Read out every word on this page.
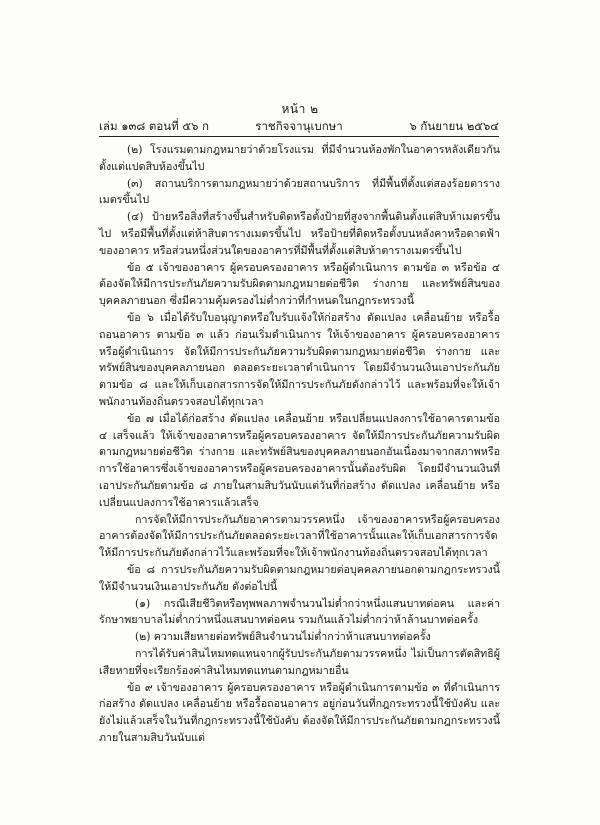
หน้า ๒
เล่ม ๑๓๘ ตอนที่ ๕๖ ก	ราชกิจจานุเบกษา	๖ กันยายน ๒๕๖๔

(๒) โรงแรมตามกฎหมายว่าด้วยโรงแรม ที่มีจำนวนห้องพักในอาคารหลังเดียวกันตั้งแต่แปดสิบห้องขึ้นไป

(๓) สถานบริการตามกฎหมายว่าด้วยสถานบริการ ที่มีพื้นที่ตั้งแต่สองร้อยตารางเมตรขึ้นไป

(๔) ป้ายหรือสิ่งที่สร้างขึ้นสำหรับติดหรือตั้งป้ายที่สูงจากพื้นดินตั้งแต่สิบห้าเมตรขึ้นไป หรือมีพื้นที่ตั้งแต่ห้าสิบตารางเมตรขึ้นไป หรือป้ายที่ติดหรือตั้งบนหลังคาหรือดาดฟ้าของอาคาร หรือส่วนหนึ่งส่วนใดของอาคารที่มีพื้นที่ตั้งแต่สิบห้าตารางเมตรขึ้นไป

ข้อ ๕ เจ้าของอาคาร ผู้ครอบครองอาคาร หรือผู้ดำเนินการ ตามข้อ ๓ หรือข้อ ๔ ต้องจัดให้มีการประกันภัยความรับผิดตามกฎหมายต่อชีวิต ร่างกาย และทรัพย์สินของบุคคลภายนอก ซึ่งมีความคุ้มครองไม่ต่ำกว่าที่กำหนดในกฎกระทรวงนี้

ข้อ ๖ เมื่อได้รับใบอนุญาตหรือใบรับแจ้งให้ก่อสร้าง ดัดแปลง เคลื่อนย้าย หรือรื้อถอนอาคาร ตามข้อ ๓ แล้ว ก่อนเริ่มดำเนินการ ให้เจ้าของอาคาร ผู้ครอบครองอาคาร หรือผู้ดำเนินการ จัดให้มีการประกันภัยความรับผิดตามกฎหมายต่อชีวิต ร่างกาย และทรัพย์สินของบุคคลภายนอก ตลอดระยะเวลาดำเนินการ โดยมีจำนวนเงินเอาประกันภัยตามข้อ ๘ และให้เก็บเอกสารการจัดให้มีการประกันภัยดังกล่าวไว้ และพร้อมที่จะให้เจ้าพนักงานท้องถิ่นตรวจสอบได้ทุกเวลา

ข้อ ๗ เมื่อได้ก่อสร้าง ดัดแปลง เคลื่อนย้าย หรือเปลี่ยนแปลงการใช้อาคารตามข้อ ๔ เสร็จแล้ว ให้เจ้าของอาคารหรือผู้ครอบครองอาคาร จัดให้มีการประกันภัยความรับผิดตามกฎหมายต่อชีวิต ร่างกาย และทรัพย์สินของบุคคลภายนอกอันเนื่องมาจากสภาพหรือการใช้อาคารซึ่งเจ้าของอาคารหรือผู้ครอบครองอาคารนั้นต้องรับผิด โดยมีจำนวนเงินที่เอาประกันภัยตามข้อ ๘ ภายในสามสิบวันนับแต่วันที่ก่อสร้าง ดัดแปลง เคลื่อนย้าย หรือเปลี่ยนแปลงการใช้อาคารแล้วเสร็จ

การจัดให้มีการประกันภัยอาคารตามวรรคหนึ่ง เจ้าของอาคารหรือผู้ครอบครองอาคารต้องจัดให้มีการประกันภัยตลอดระยะเวลาที่ใช้อาคารนั้นและให้เก็บเอกสารการจัดให้มีการประกันภัยดังกล่าวไว้และพร้อมที่จะให้เจ้าพนักงานท้องถิ่นตรวจสอบได้ทุกเวลา

ข้อ ๘ การประกันภัยความรับผิดตามกฎหมายต่อบุคคลภายนอกตามกฎกระทรวงนี้ ให้มีจำนวนเงินเอาประกันภัย ดังต่อไปนี้

(๑) กรณีเสียชีวิตหรือทุพพลภาพจำนวนไม่ต่ำกว่าหนึ่งแสนบาทต่อคน และค่ารักษาพยาบาลไม่ต่ำกว่าหนึ่งแสนบาทต่อคน รวมกันแล้วไม่ต่ำกว่าห้าล้านบาทต่อครั้ง

(๒) ความเสียหายต่อทรัพย์สินจำนวนไม่ต่ำกว่าห้าแสนบาทต่อครั้ง

การได้รับค่าสินไหมทดแทนจากผู้รับประกันภัยตามวรรคหนึ่ง ไม่เป็นการตัดสิทธิผู้เสียหายที่จะเรียกร้องค่าสินไหมทดแทนตามกฎหมายอื่น

ข้อ ๙ เจ้าของอาคาร ผู้ครอบครองอาคาร หรือผู้ดำเนินการตามข้อ ๓ ที่ดำเนินการก่อสร้าง ดัดแปลง เคลื่อนย้าย หรือรื้อถอนอาคาร อยู่ก่อนวันที่กฎกระทรวงนี้ใช้บังคับ และยังไม่แล้วเสร็จในวันที่กฎกระทรวงนี้ใช้บังคับ ต้องจัดให้มีการประกันภัยตามกฎกระทรวงนี้ภายในสามสิบวันนับแต่
